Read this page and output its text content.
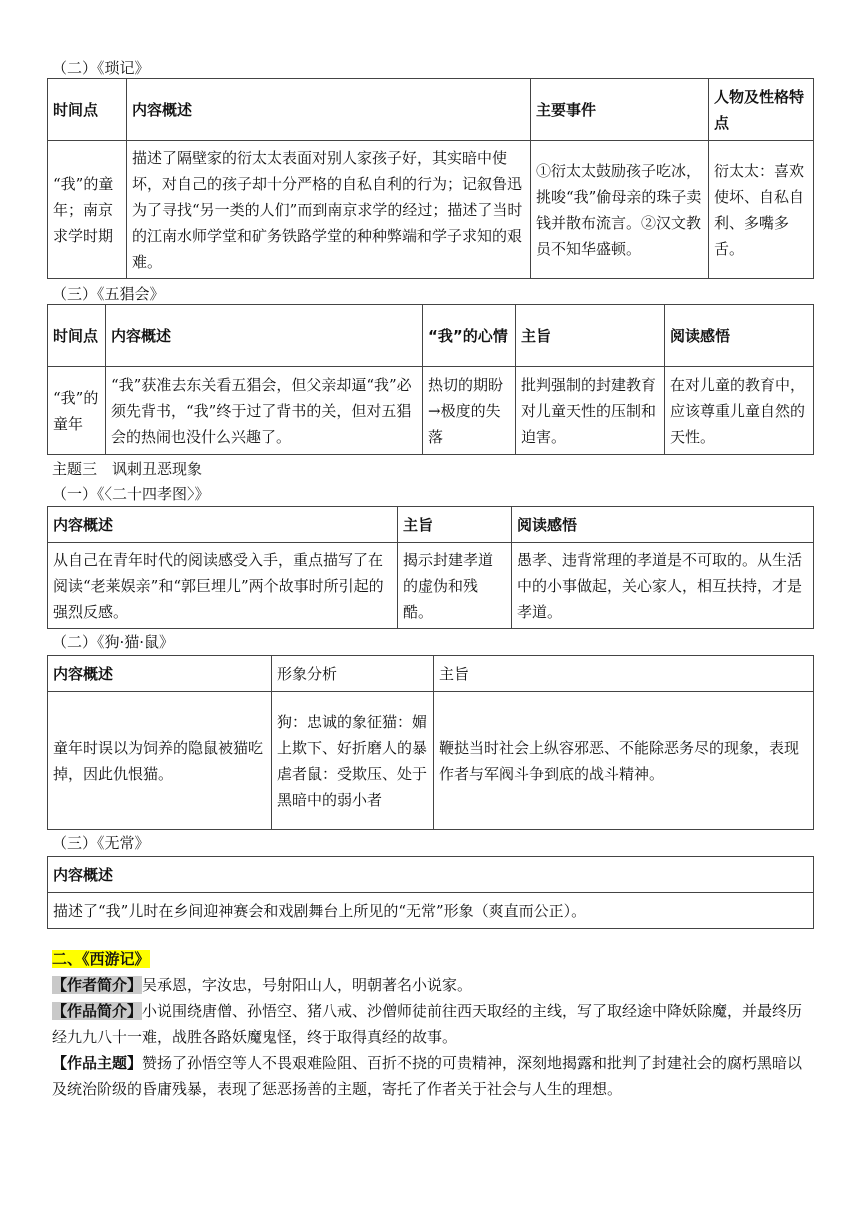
（二）《琐记》
时间点	内容概述	主要事件	人物及性格特点
“我”的童年；南京求学时期	描述了隔壁家的衍太太表面对别人家孩子好，其实暗中使坏，对自己的孩子却十分严格的自私自利的行为；记叙鲁迅为了寻找“另一类的人们”而到南京求学的经过；描述了当时的江南水师学堂和矿务铁路学堂的种种弊端和学子求知的艰难。	①衍太太鼓励孩子吃冰，挑唆“我”偷母亲的珠子卖钱并散布流言。②汉文教员不知华盛顿。	衍太太：喜欢使坏、自私自利、多嘴多舌。
（三）《五猖会》
时间点	内容概述	“我”的心情	主旨	阅读感悟
“我”的童年	“我”获准去东关看五猖会，但父亲却逼“我”必须先背书，“我”终于过了背书的关，但对五猖会的热闹也没什么兴趣了。	热切的期盼→极度的失落	批判强制的封建教育对儿童天性的压制和迫害。	在对儿童的教育中，应该尊重儿童自然的天性。
主题三　讽刺丑恶现象
（一）《〈二十四孝图〉》
内容概述	主旨	阅读感悟
从自己在青年时代的阅读感受入手，重点描写了在阅读“老莱娱亲”和“郭巨埋儿”两个故事时所引起的强烈反感。	揭示封建孝道的虚伪和残酷。	愚孝、违背常理的孝道是不可取的。从生活中的小事做起，关心家人，相互扶持，才是孝道。
（二）《狗·猫·鼠》
内容概述	形象分析	主旨
童年时误以为饲养的隐鼠被猫吃掉，因此仇恨猫。	狗：忠诚的象征猫：媚上欺下、好折磨人的暴虐者鼠：受欺压、处于黑暗中的弱小者	鞭挞当时社会上纵容邪恶、不能除恶务尽的现象，表现作者与军阀斗争到底的战斗精神。
（三）《无常》
内容概述
描述了“我”儿时在乡间迎神赛会和戏剧舞台上所见的“无常”形象（爽直而公正）。
二、《西游记》
【作者简介】吴承恩，字汝忠，号射阳山人，明朝著名小说家。
【作品简介】小说围绕唐僧、孙悟空、猪八戒、沙僧师徒前往西天取经的主线，写了取经途中降妖除魔，并最终历经九九八十一难，战胜各路妖魔鬼怪，终于取得真经的故事。
【作品主题】赞扬了孙悟空等人不畏艰难险阻、百折不挠的可贵精神，深刻地揭露和批判了封建社会的腐朽黑暗以及统治阶级的昏庸残暴，表现了惩恶扬善的主题，寄托了作者关于社会与人生的理想。
